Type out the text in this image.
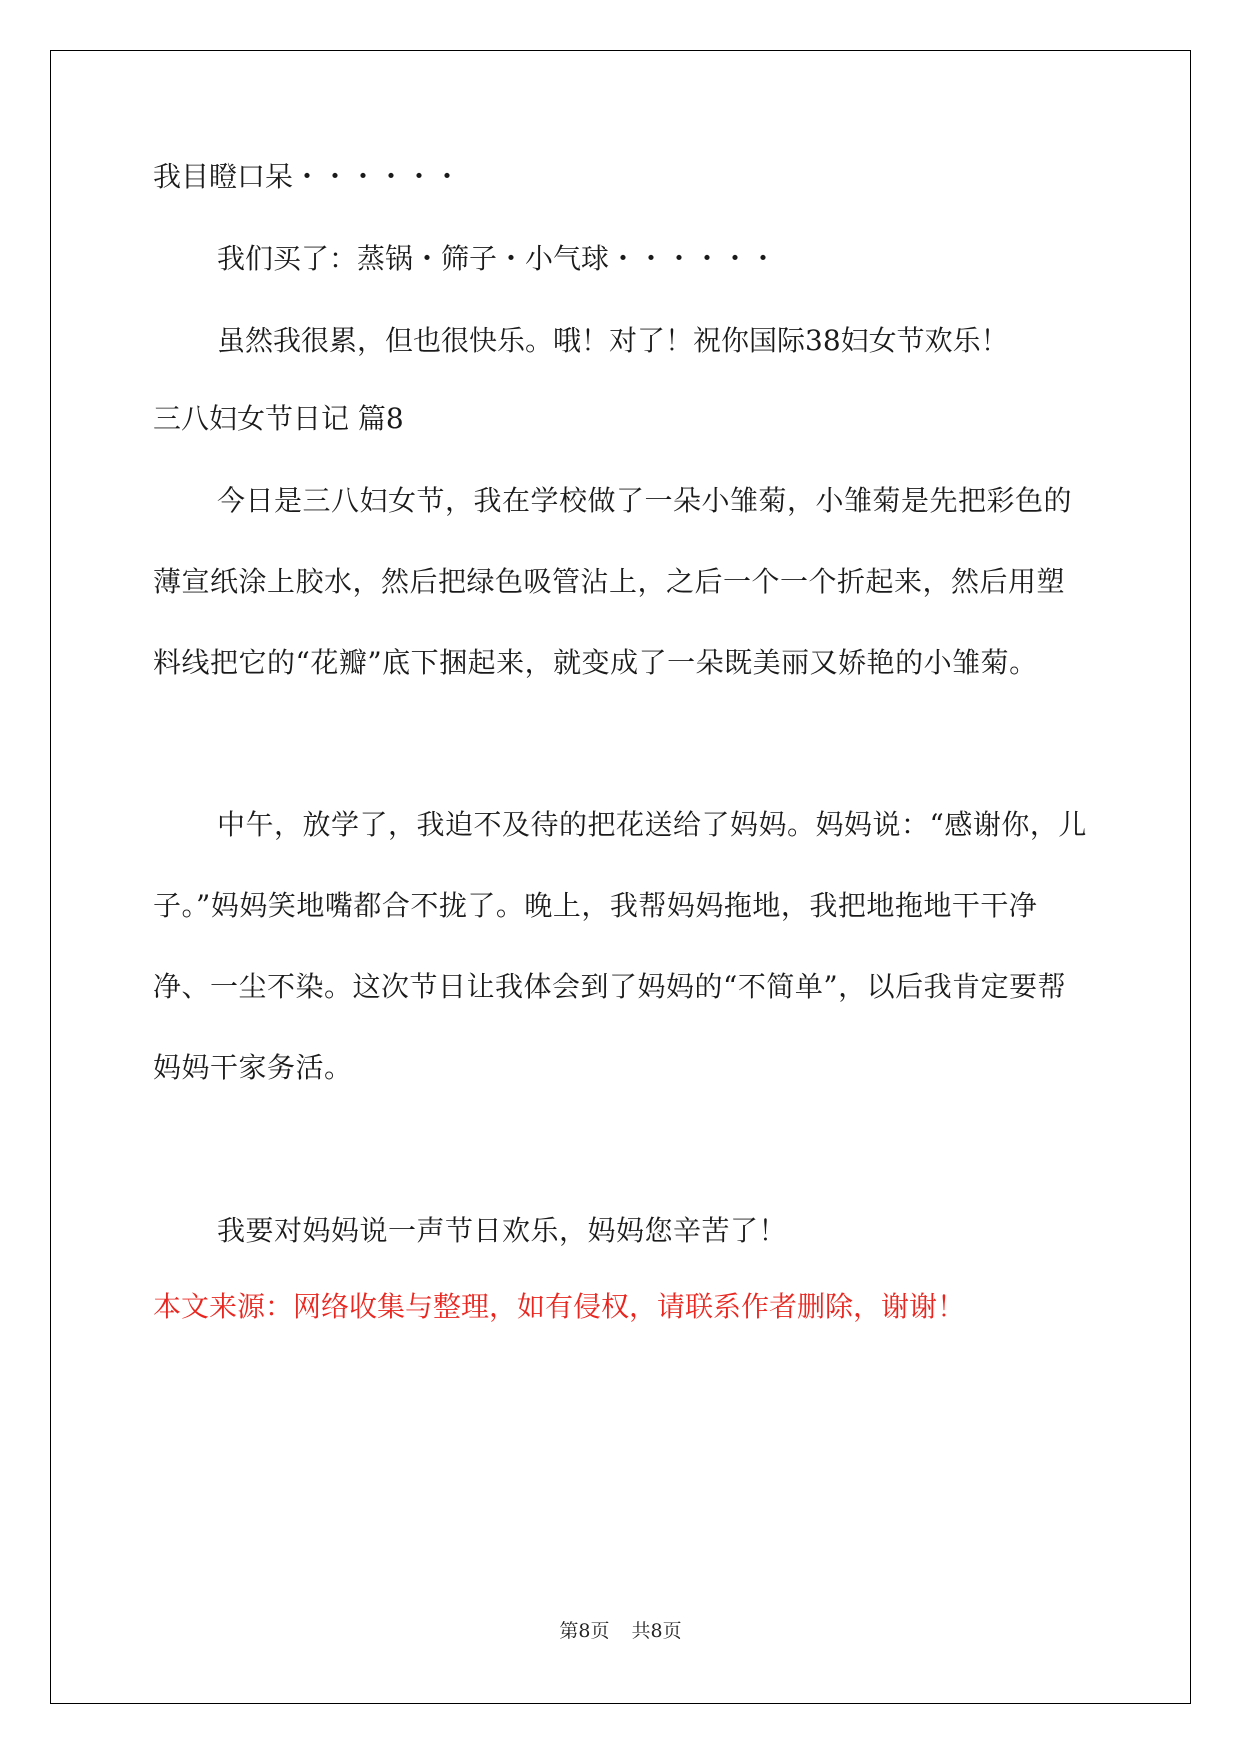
我目瞪口呆・・・・・・

我们买了：蒸锅・筛子・小气球・・・・・・

虽然我很累，但也很快乐。哦！对了！祝你国际38妇女节欢乐！

三八妇女节日记 篇8

今日是三八妇女节，我在学校做了一朵小雏菊，小雏菊是先把彩色的薄宣纸涂上胶水，然后把绿色吸管沾上，之后一个一个折起来，然后用塑料线把它的“花瓣”底下捆起来，就变成了一朵既美丽又娇艳的小雏菊。

中午，放学了，我迫不及待的把花送给了妈妈。妈妈说：“感谢你，儿子。”妈妈笑地嘴都合不拢了。晚上，我帮妈妈拖地，我把地拖地干干净净、一尘不染。这次节日让我体会到了妈妈的“不简单”，以后我肯定要帮妈妈干家务活。

我要对妈妈说一声节日欢乐，妈妈您辛苦了！

本文来源：网络收集与整理，如有侵权，请联系作者删除，谢谢！
第8页 共8页
